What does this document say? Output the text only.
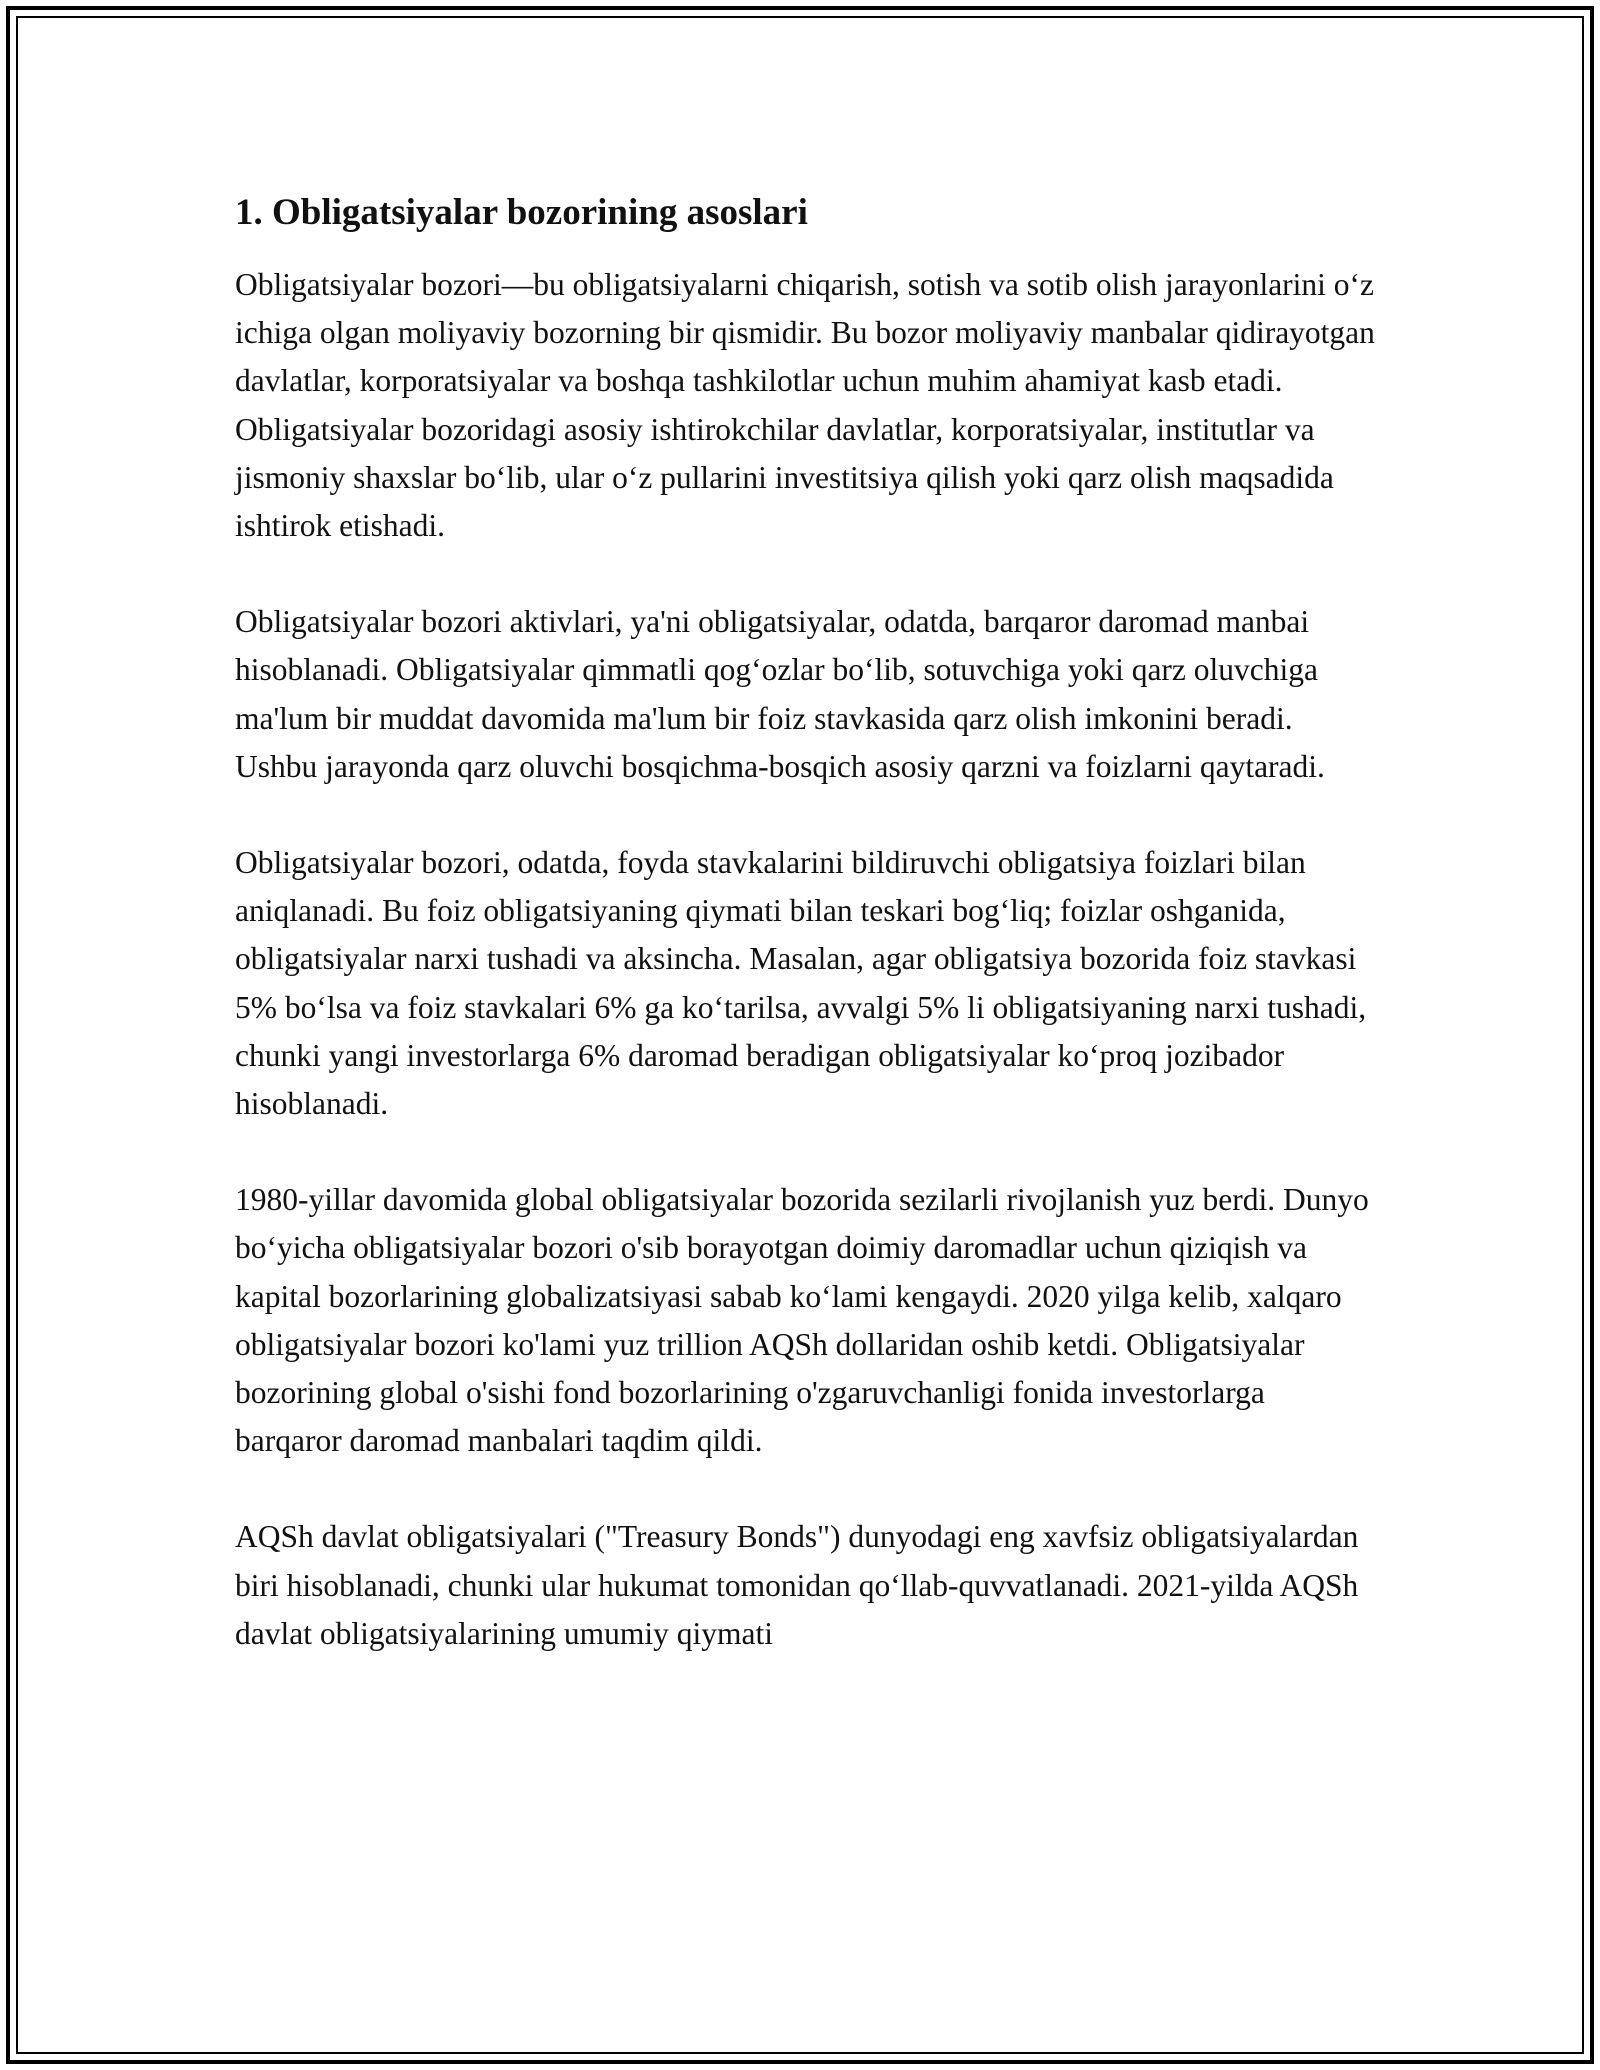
1. Obligatsiyalar bozorining asoslari

Obligatsiyalar bozori—bu obligatsiyalarni chiqarish, sotish va sotib olish jarayonlarini o‘z ichiga olgan moliyaviy bozorning bir qismidir. Bu bozor moliyaviy manbalar qidirayotgan davlatlar, korporatsiyalar va boshqa tashkilotlar uchun muhim ahamiyat kasb etadi. Obligatsiyalar bozoridagi asosiy ishtirokchilar davlatlar, korporatsiyalar, institutlar va jismoniy shaxslar bo‘lib, ular o‘z pullarini investitsiya qilish yoki qarz olish maqsadida ishtirok etishadi.

Obligatsiyalar bozori aktivlari, ya'ni obligatsiyalar, odatda, barqaror daromad manbai hisoblanadi. Obligatsiyalar qimmatli qog‘ozlar bo‘lib, sotuvchiga yoki qarz oluvchiga ma'lum bir muddat davomida ma'lum bir foiz stavkasida qarz olish imkonini beradi. Ushbu jarayonda qarz oluvchi bosqichma-bosqich asosiy qarzni va foizlarni qaytaradi.

Obligatsiyalar bozori, odatda, foyda stavkalarini bildiruvchi obligatsiya foizlari bilan aniqlanadi. Bu foiz obligatsiyaning qiymati bilan teskari bog‘liq; foizlar oshganida, obligatsiyalar narxi tushadi va aksincha. Masalan, agar obligatsiya bozorida foiz stavkasi 5% bo‘lsa va foiz stavkalari 6% ga ko‘tarilsa, avvalgi 5% li obligatsiyaning narxi tushadi, chunki yangi investorlarga 6% daromad beradigan obligatsiyalar ko‘proq jozibador hisoblanadi.

1980-yillar davomida global obligatsiyalar bozorida sezilarli rivojlanish yuz berdi. Dunyo bo‘yicha obligatsiyalar bozori o'sib borayotgan doimiy daromadlar uchun qiziqish va kapital bozorlarining globalizatsiyasi sabab ko‘lami kengaydi. 2020 yilga kelib, xalqaro obligatsiyalar bozori ko'lami yuz trillion AQSh dollaridan oshib ketdi. Obligatsiyalar bozorining global o'sishi fond bozorlarining o'zgaruvchanligi fonida investorlarga barqaror daromad manbalari taqdim qildi.

AQSh davlat obligatsiyalari ("Treasury Bonds") dunyodagi eng xavfsiz obligatsiyalardan biri hisoblanadi, chunki ular hukumat tomonidan qo‘llab-quvvatlanadi. 2021-yilda AQSh davlat obligatsiyalarining umumiy qiymati
